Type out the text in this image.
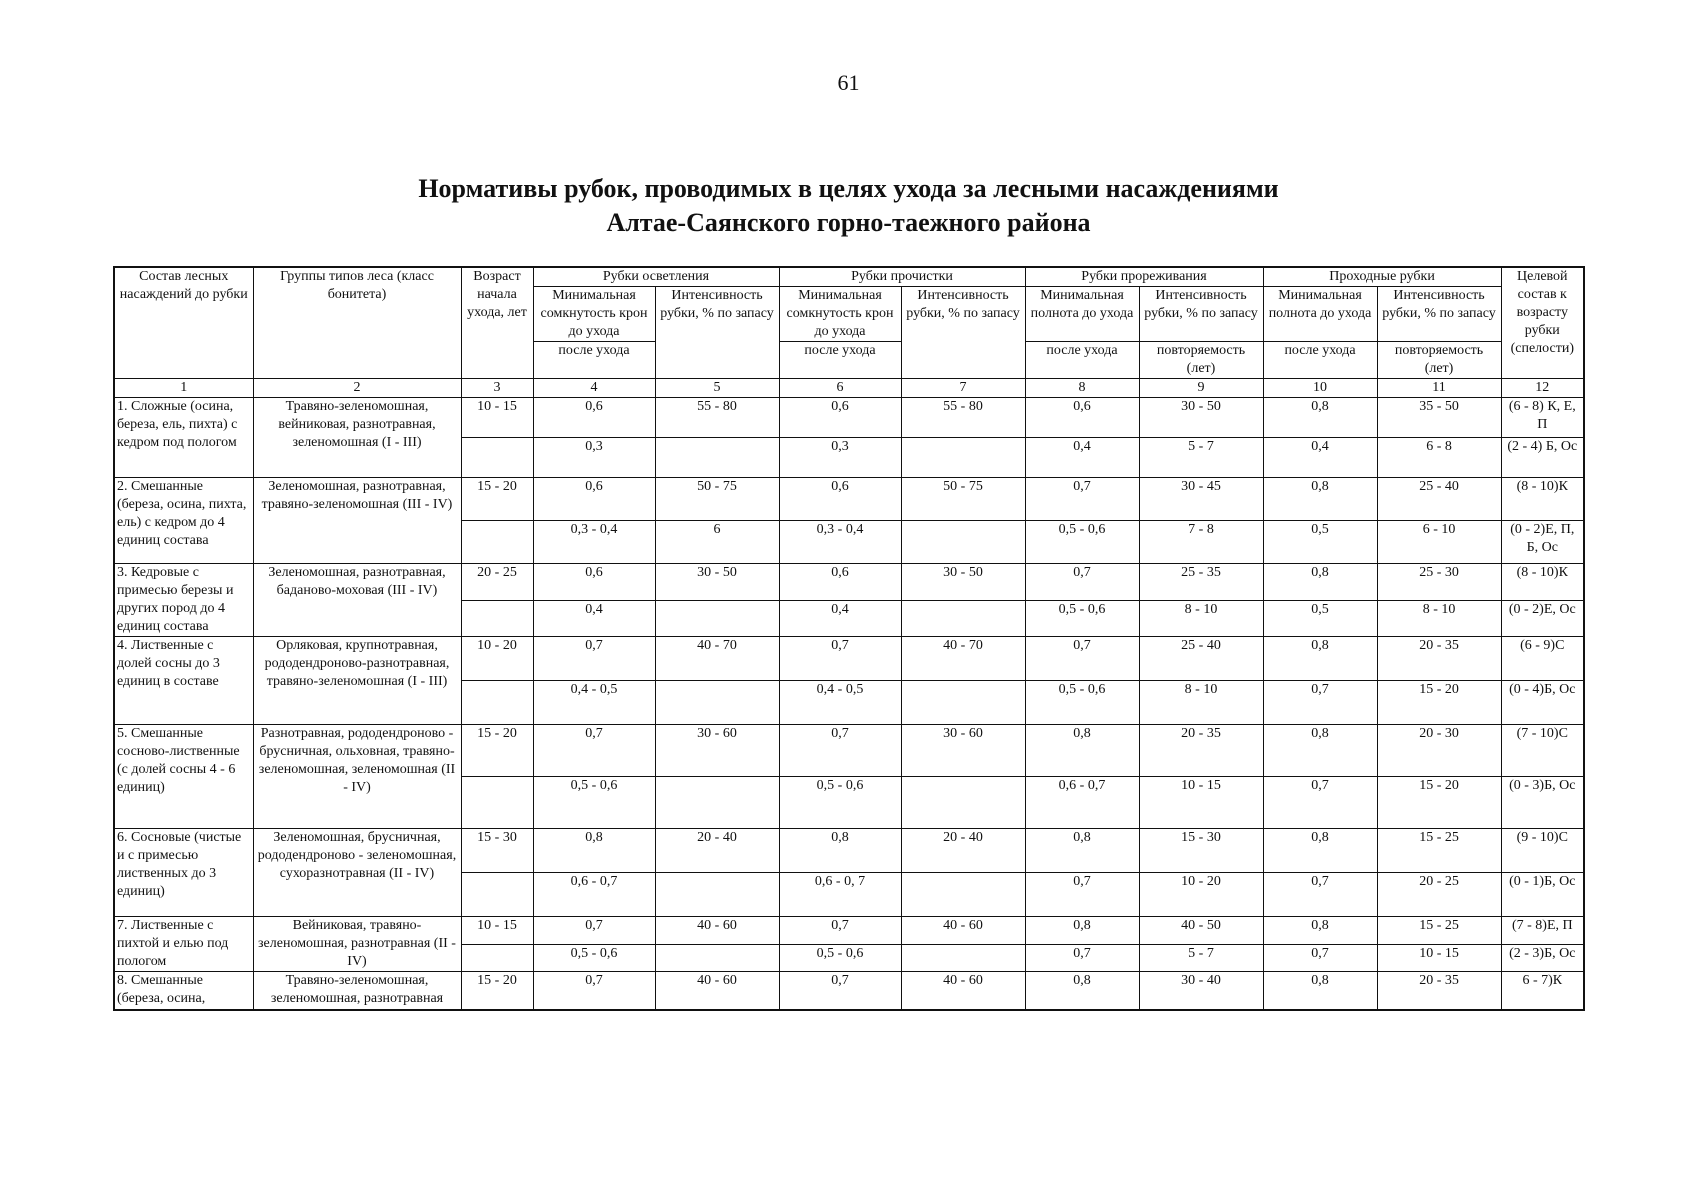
61
Нормативы рубок, проводимых в целях ухода за лесными насаждениями
Алтае-Саянского горно-таежного района
Состав лесных насаждений до рубки	Группы типов леса (класс бонитета)	Возраст начала ухода, лет	Рубки осветления		Рубки прочистки		Рубки прореживания		Проходные рубки		Целевой состав к возрасту рубки (спелости)
			Минимальная сомкнутость крон до ухода	Интенсивность рубки, % по запасу	Минимальная сомкнутость крон до ухода	Интенсивность рубки, % по запасу	Минимальная полнота до ухода	Интенсивность рубки, % по запасу	Минимальная полнота до ухода	Интенсивность рубки, % по запасу	
			после ухода		после ухода		после ухода	повторяемость (лет)	после ухода	повторяемость (лет)	
1	2	3	4	5	6	7	8	9	10	11	12
1. Сложные (осина, береза, ель, пихта) с кедром под пологом	Травяно-зеленомошная, вейниковая, разнотравная, зеленомошная (I - III)	10 - 15	0,6	55 - 80	0,6	55 - 80	0,6	30 - 50	0,8	35 - 50	(6 - 8) К, Е, П
			0,3		0,3		0,4	5 - 7	0,4	6 - 8	(2 - 4) Б, Ос
2. Смешанные (береза, осина, пихта, ель) с кедром до 4 единиц состава	Зеленомошная, разнотравная, травяно-зеленомошная (III - IV)	15 - 20	0,6	50 - 75	0,6	50 - 75	0,7	30 - 45	0,8	25 - 40	(8 - 10)К
			0,3 - 0,4	6	0,3 - 0,4		0,5 - 0,6	7 - 8	0,5	6 - 10	(0 - 2)Е, П, Б, Ос
3. Кедровые с примесью березы и других пород до 4 единиц состава	Зеленомошная, разнотравная, баданово-моховая (III - IV)	20 - 25	0,6	30 - 50	0,6	30 - 50	0,7	25 - 35	0,8	25 - 30	(8 - 10)К
			0,4		0,4		0,5 - 0,6	8 - 10	0,5	8 - 10	(0 - 2)Е, Ос
4. Лиственные с долей сосны до 3 единиц в составе	Орляковая, крупнотравная, рододендроново-разнотравная, травяно-зеленомошная (I - III)	10 - 20	0,7	40 - 70	0,7	40 - 70	0,7	25 - 40	0,8	20 - 35	(6 - 9)С
			0,4 - 0,5		0,4 - 0,5		0,5 - 0,6	8 - 10	0,7	15 - 20	(0 - 4)Б, Ос
5. Смешанные сосново-лиственные (с долей сосны 4 - 6 единиц)	Разнотравная, рододендроново - брусничная, ольховная, травяно-зеленомошная, зеленомошная (II - IV)	15 - 20	0,7	30 - 60	0,7	30 - 60	0,8	20 - 35	0,8	20 - 30	(7 - 10)С
			0,5 - 0,6		0,5 - 0,6		0,6 - 0,7	10 - 15	0,7	15 - 20	(0 - 3)Б, Ос
6. Сосновые (чистые и с примесью лиственных до 3 единиц)	Зеленомошная, брусничная, рододендроново - зеленомошная, сухоразнотравная (II - IV)	15 - 30	0,8	20 - 40	0,8	20 - 40	0,8	15 - 30	0,8	15 - 25	(9 - 10)С
			0,6 - 0,7		0,6 - 0, 7		0,7	10 - 20	0,7	20 - 25	(0 - 1)Б, Ос
7. Лиственные с пихтой и елью под пологом	Вейниковая, травяно-зеленомошная, разнотравная (II - IV)	10 - 15	0,7	40 - 60	0,7	40 - 60	0,8	40 - 50	0,8	15 - 25	(7 - 8)Е, П
			0,5 - 0,6		0,5 - 0,6		0,7	5 - 7	0,7	10 - 15	(2 - 3)Б, Ос
8. Смешанные (береза, осина,	Травяно-зеленомошная, зеленомошная, разнотравная	15 - 20	0,7	40 - 60	0,7	40 - 60	0,8	30 - 40	0,8	20 - 35	6 - 7)К
